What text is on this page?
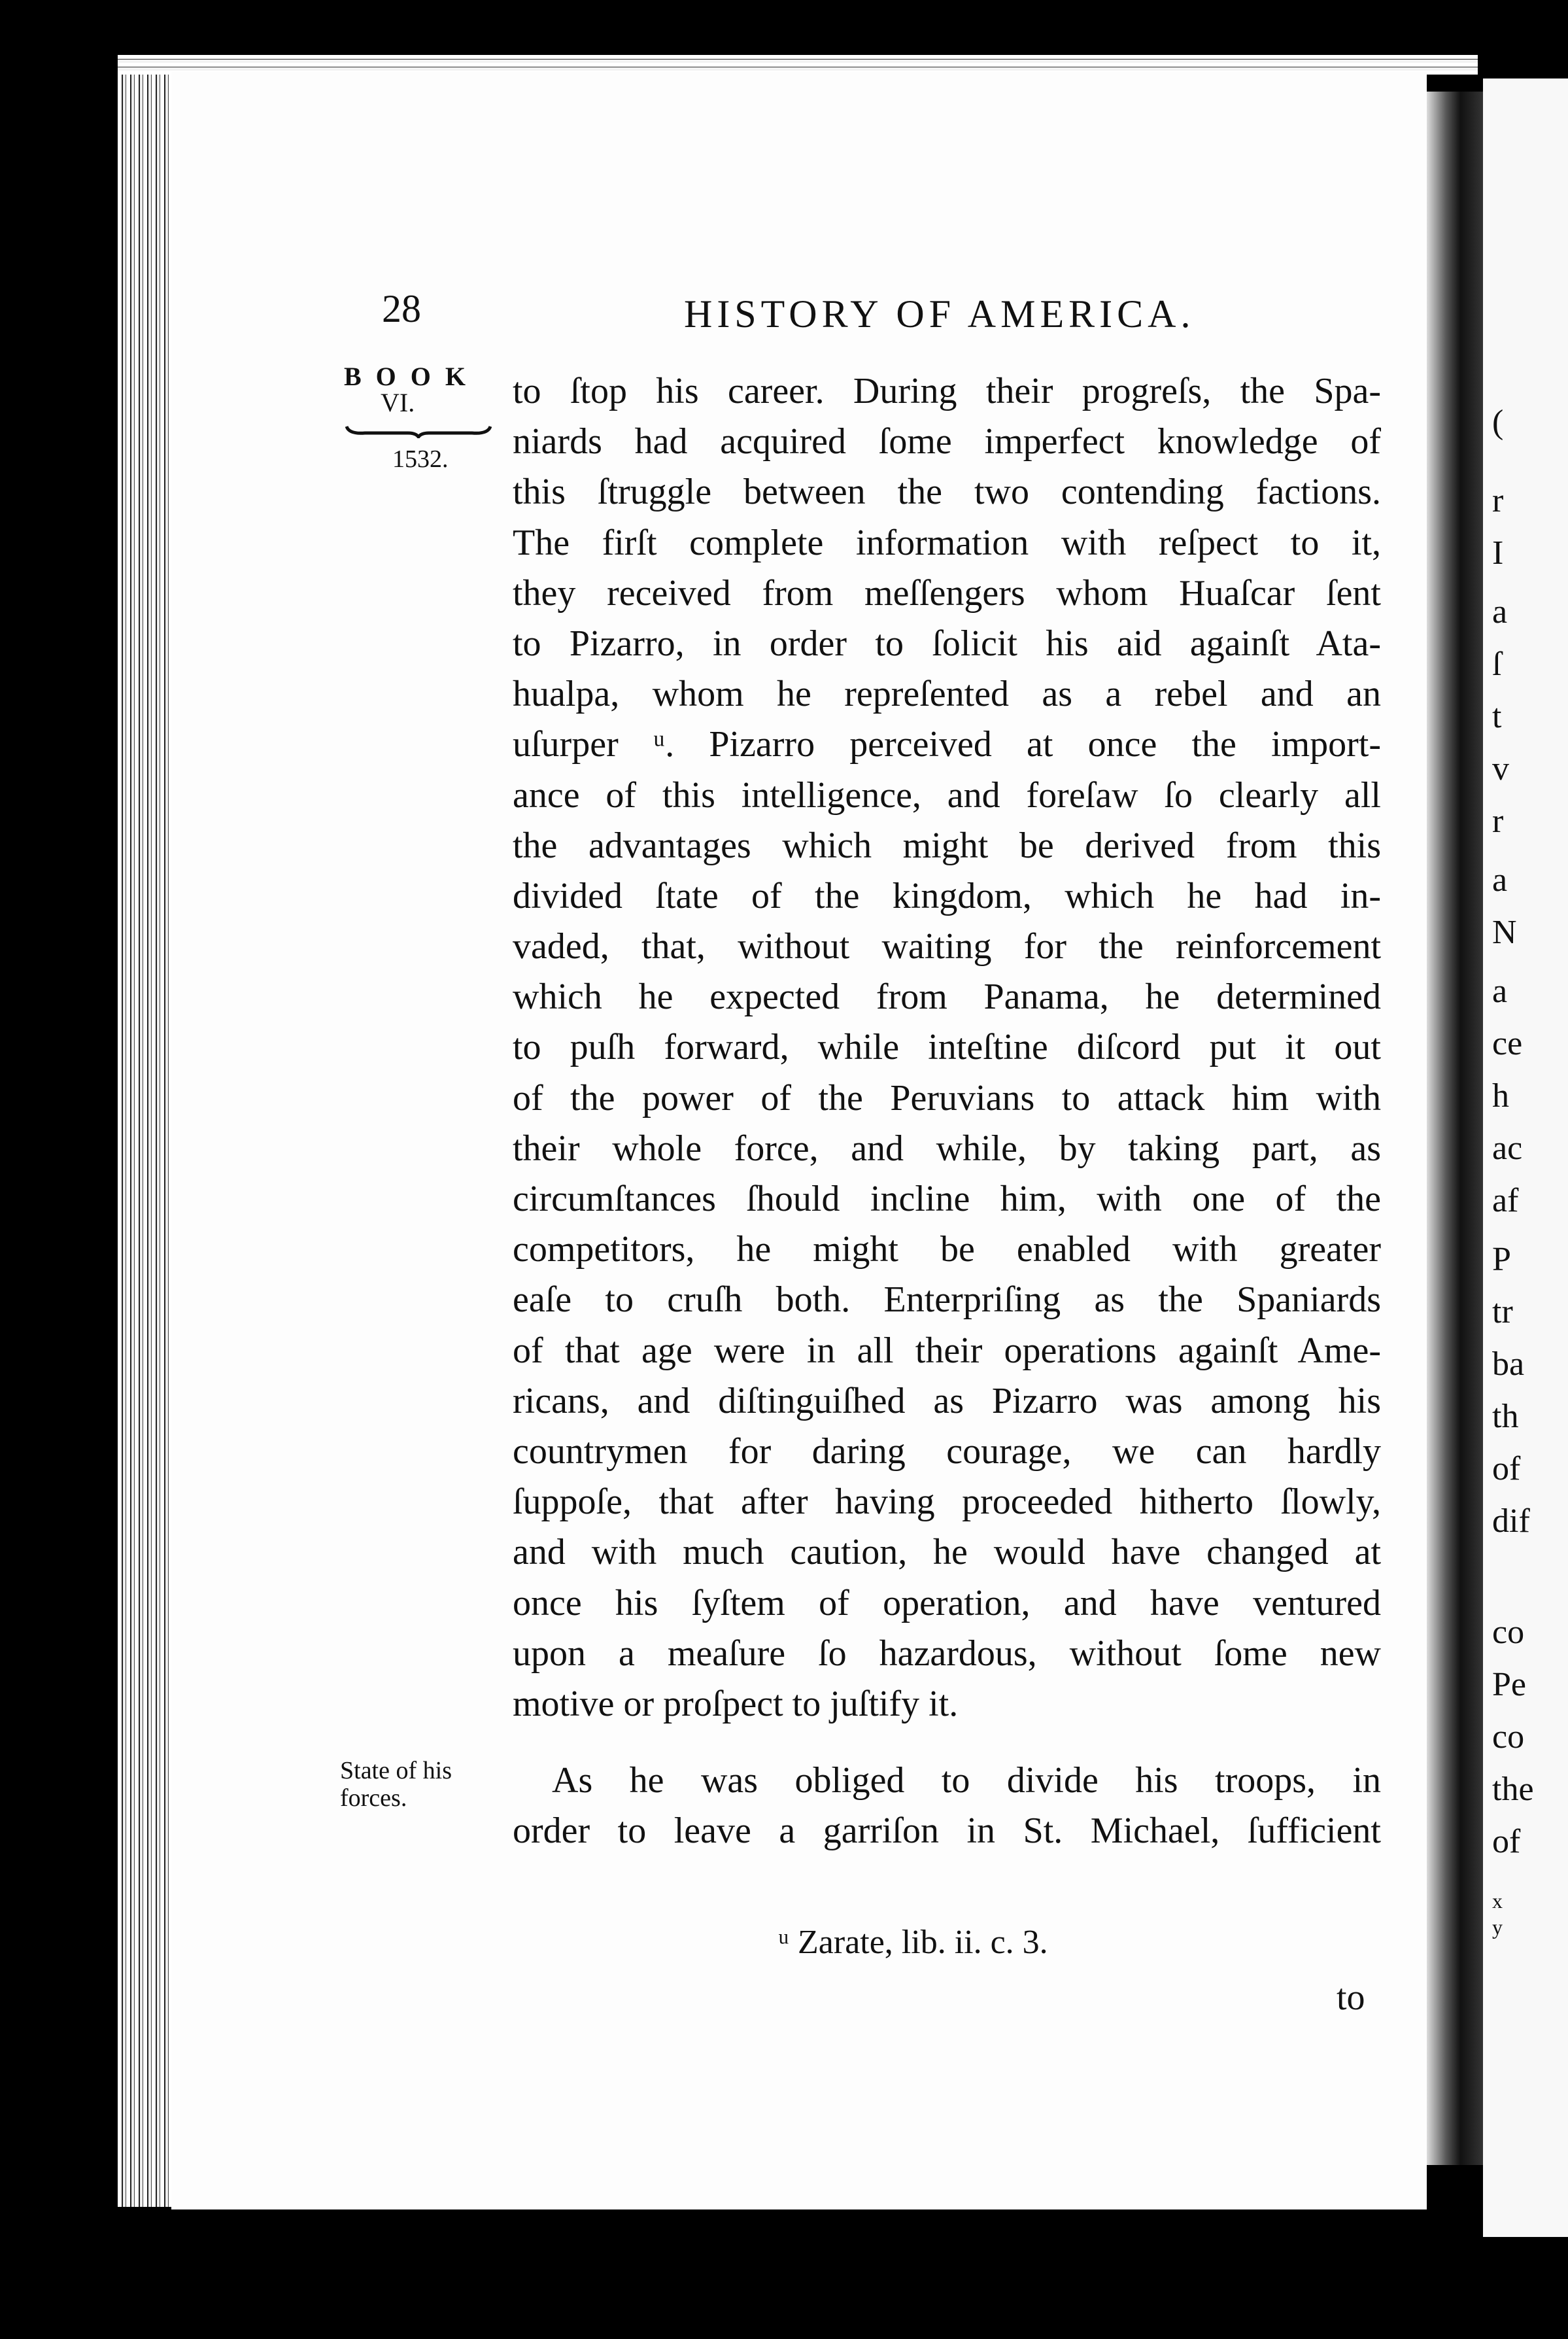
28	HISTORY OF AMERICA.
BOOK
VI.
1532.
to ſtop his career. During their progreſs, the Spa-
niards had acquired ſome imperfect knowledge of
this ſtruggle between the two contending factions.
The firſt complete information with reſpect to it,
they received from meſſengers whom Huaſcar ſent
to Pizarro, in order to ſolicit his aid againſt Ata-
hualpa, whom he repreſented as a rebel and an
uſurper ᵘ. Pizarro perceived at once the import-
ance of this intelligence, and foreſaw ſo clearly all
the advantages which might be derived from this
divided ſtate of the kingdom, which he had in-
vaded, that, without waiting for the reinforcement
which he expected from Panama, he determined
to puſh forward, while inteſtine diſcord put it out
of the power of the Peruvians to attack him with
their whole force, and while, by taking part, as
circumſtances ſhould incline him, with one of the
competitors, he might be enabled with greater
eaſe to cruſh both. Enterpriſing as the Spaniards
of that age were in all their operations againſt Ame-
ricans, and diſtinguiſhed as Pizarro was among his
countrymen for daring courage, we can hardly
ſuppoſe, that after having proceeded hitherto ſlowly,
and with much caution, he would have changed at
once his ſyſtem of operation, and have ventured
upon a meaſure ſo hazardous, without ſome new
motive or proſpect to juſtify it.
State of his
forces.	As he was obliged to divide his troops, in
order to leave a garriſon in St. Michael, ſufficient
ᵘ Zarate, lib. ii. c. 3.
to
(
r
I
a
ſ
t
v
r
a
N
a
ce
h
ac
af
P
tr
ba
th
of
dif
co
Pe
co
the
of
x
y
